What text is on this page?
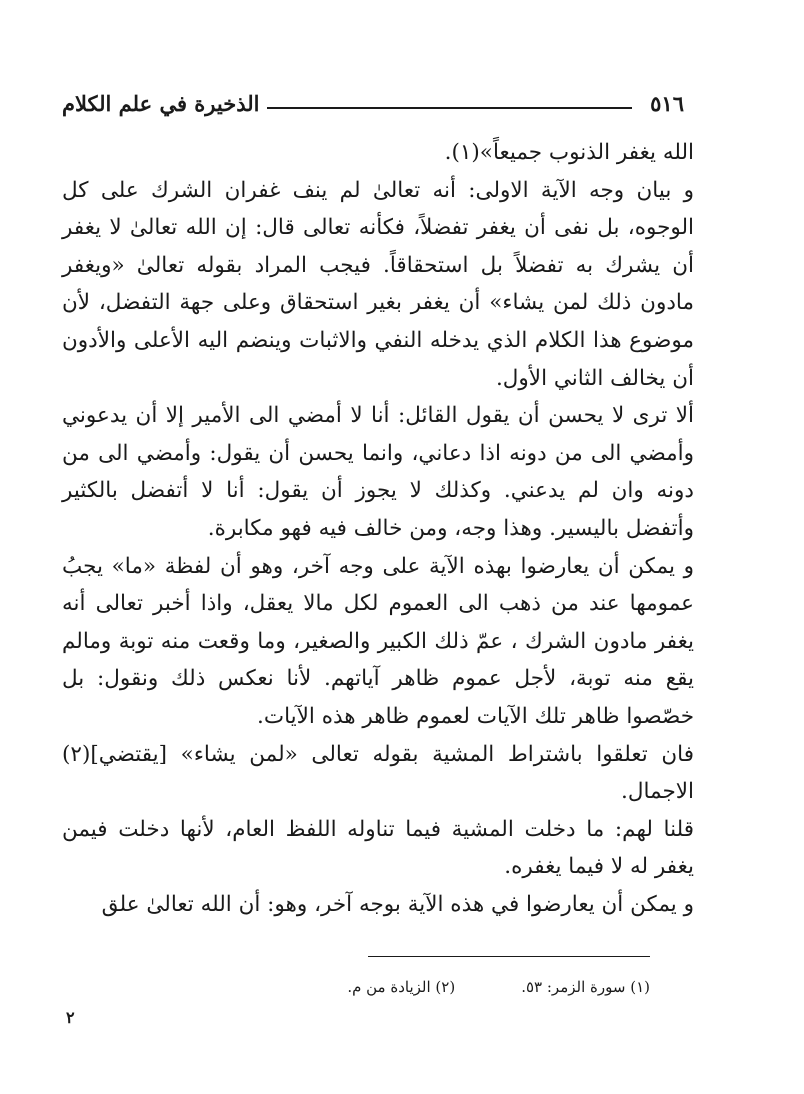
٥١٦
الذخيرة في علم الكلام

الله يغفر الذنوب جميعاً»(١).

و بيان وجه الآية الاولى: أنه تعالىٰ لم ينف غفران الشرك على كل الوجوه، بل نفى أن يغفر تفضلاً، فكأنه تعالى قال: إن الله تعالىٰ لا يغفر أن يشرك به تفضلاً بل استحقاقاً. فيجب المراد بقوله تعالىٰ «ويغفر مادون ذلك لمن يشاء» أن يغفر بغير استحقاق وعلى جهة التفضل، لأن موضوع هذا الكلام الذي يدخله النفي والاثبات وينضم اليه الأعلى والأدون أن يخالف الثاني الأول.

ألا ترى لا يحسن أن يقول القائل: أنا لا أمضي الى الأمير إلا أن يدعوني وأمضي الى من دونه اذا دعاني، وانما يحسن أن يقول: وأمضي الى من دونه وان لم يدعني. وكذلك لا يجوز أن يقول: أنا لا أتفضل بالكثير وأتفضل باليسير. وهذا وجه، ومن خالف فيه فهو مكابرة.

و يمكن أن يعارضوا بهذه الآية على وجه آخر، وهو أن لفظة «ما» يجبُ عمومها عند من ذهب الى العموم لكل مالا يعقل، واذا أخبر تعالى أنه يغفر مادون الشرك ، عمّ ذلك الكبير والصغير، وما وقعت منه توبة ومالم يقع منه توبة، لأجل عموم ظاهر آياتهم. لأنا نعكس ذلك ونقول: بل خصّصوا ظاهر تلك الآيات لعموم ظاهر هذه الآيات.

فان تعلقوا باشتراط المشية بقوله تعالى «لمن يشاء» [يقتضي](٢) الاجمال.

قلنا لهم: ما دخلت المشية فيما تناوله اللفظ العام، لأنها دخلت فيمن يغفر له لا فيما يغفره.

و يمكن أن يعارضوا في هذه الآية بوجه آخر، وهو: أن الله تعالىٰ علق

(١) سورة الزمر: ٥٣.
(٢) الزيادة من م.
٢
